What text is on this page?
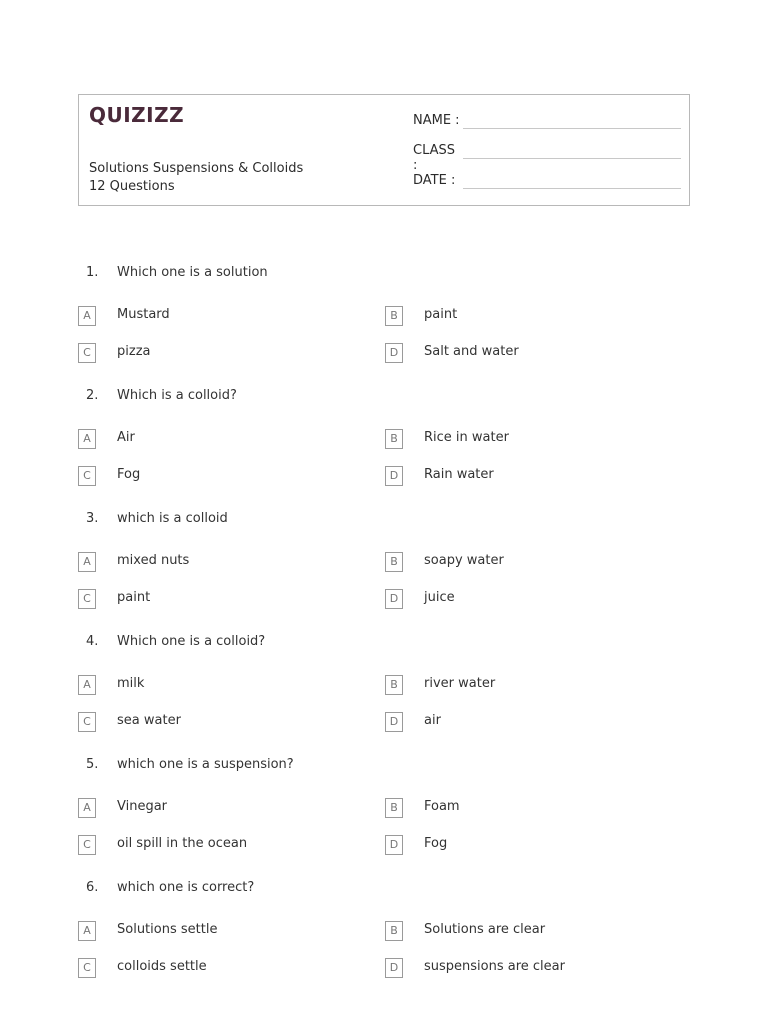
QUIZIZZ
Solutions Suspensions & Colloids
12 Questions
NAME :
CLASS :
DATE :
1.	Which one is a solution
A	Mustard	B	paint
C	pizza	D	Salt and water
2.	Which is a colloid?
A	Air	B	Rice in water
C	Fog	D	Rain water
3.	which is a colloid
A	mixed nuts	B	soapy water
C	paint	D	juice
4.	Which one is a colloid?
A	milk	B	river water
C	sea water	D	air
5.	which one is a suspension?
A	Vinegar	B	Foam
C	oil spill in the ocean	D	Fog
6.	which one is correct?
A	Solutions settle	B	Solutions are clear
C	colloids settle	D	suspensions are clear
